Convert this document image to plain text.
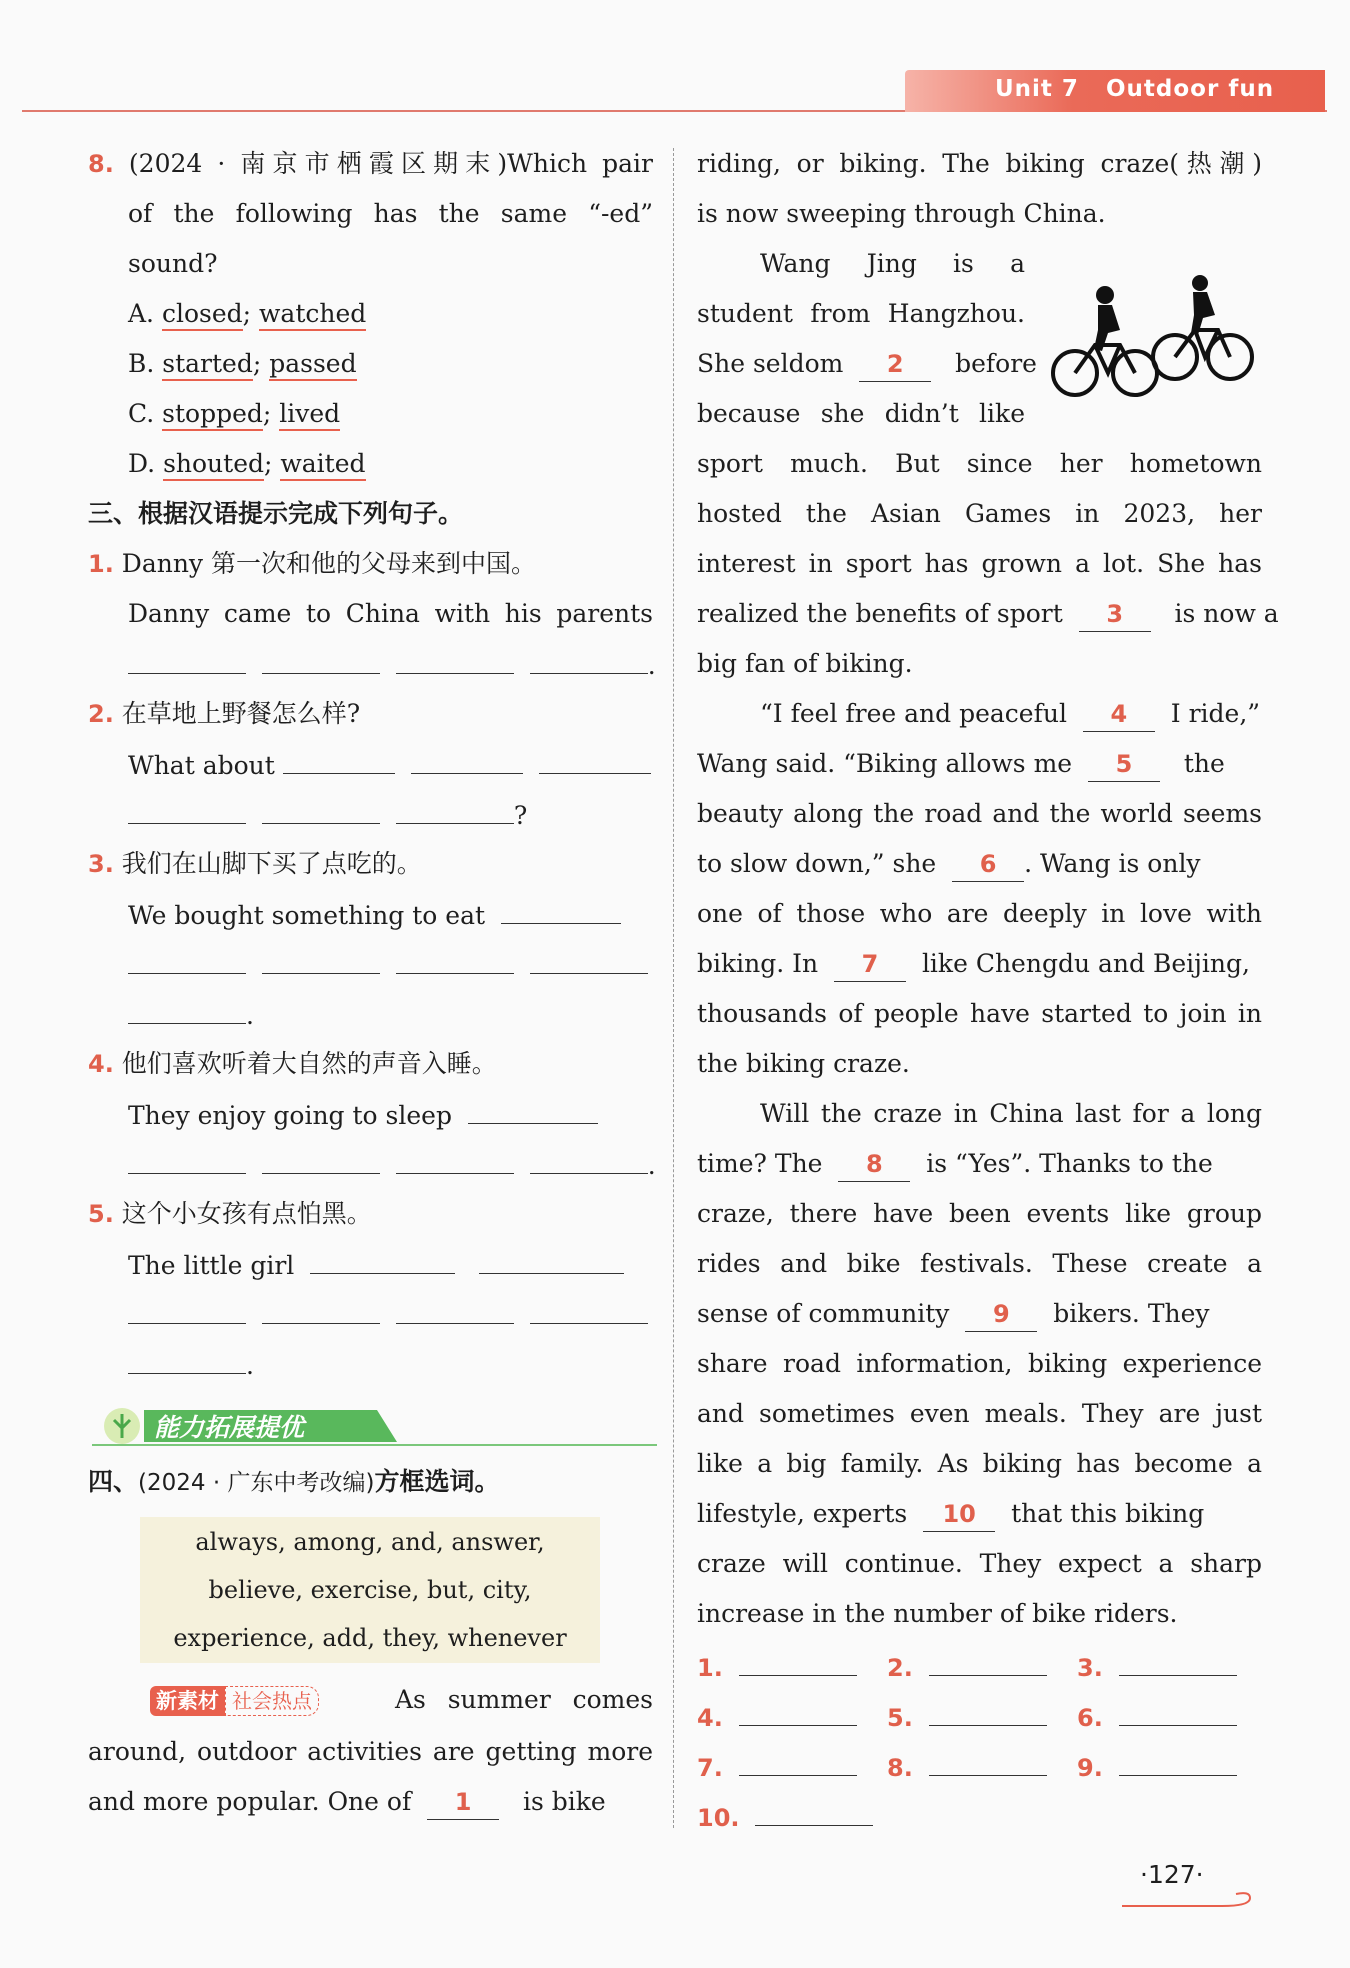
Unit 7 Outdoor fun
8. (2024 · 南京市栖霞区期末)Which pair
of the following has the same “-ed”
sound?
A. closed; watched
B. started; passed
C. stopped; lived
D. shouted; waited
三、根据汉语提示完成下列句子。
1. Danny 第一次和他的父母来到中国。
Danny came to China with his parents
.
2. 在草地上野餐怎么样?
What about
?
3. 我们在山脚下买了点吃的。
We bought something to eat

.
4. 他们喜欢听着大自然的声音入睡。
They enjoy going to sleep
.
5. 这个小女孩有点怕黑。
The little girl

.
能力拓展提优
四、(2024 · 广东中考改编)方框选词。
always, among, and, answer,
believe, exercise, but, city,
experience, add, they, whenever
新素材 社会热点	As summer comes
around, outdoor activities are getting more
and more popular. One of 1 is bike
riding, or biking. The biking craze(热潮)
is now sweeping through China.
Wang Jing is a
student from Hangzhou.
She seldom 2 before
because she didn’t like
sport much. But since her hometown
hosted the Asian Games in 2023, her
interest in sport has grown a lot. She has
realized the benefits of sport 3 is now a
big fan of biking.
“I feel free and peaceful 4 I ride,”
Wang said. “Biking allows me 5 the
beauty along the road and the world seems
to slow down,” she 6 . Wang is only
one of those who are deeply in love with
biking. In 7 like Chengdu and Beijing,
thousands of people have started to join in
the biking craze.
Will the craze in China last for a long
time? The 8 is “Yes”. Thanks to the
craze, there have been events like group
rides and bike festivals. These create a
sense of community 9 bikers. They
share road information, biking experience
and sometimes even meals. They are just
like a big family. As biking has become a
lifestyle, experts 10 that this biking
craze will continue. They expect a sharp
increase in the number of bike riders.
1.	2.	3.
4.	5.	6.
7.	8.	9.
10.
·127·
